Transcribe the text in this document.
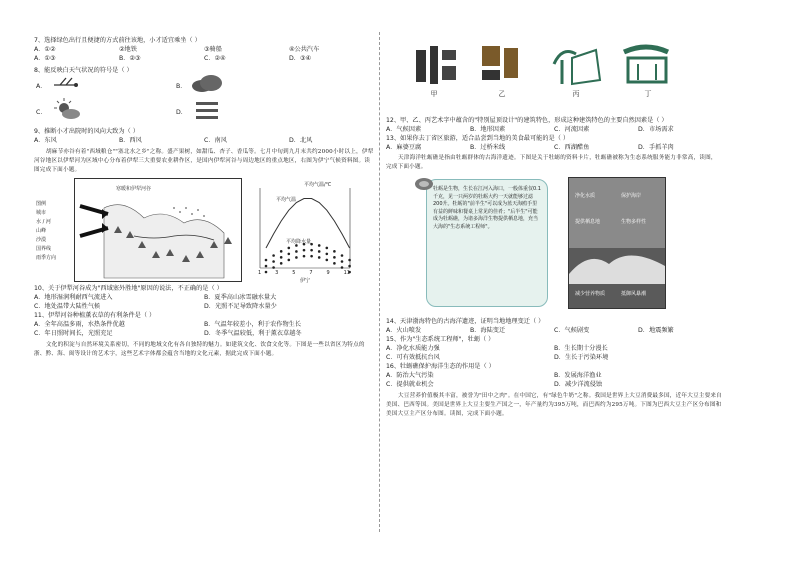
7、选择绿色出行且便捷的方式前往该地，小才适宜乘坐（ ）
A．①②	②地铁	③骑船	④公共汽车
A．①③	B．②③	C．②④	D．③④
8、能反映白天气状况的符号是（ ）
A．	B．
C．	D．
9、推断小才出院时的风向大致为（ ）
A．东风	B．西风	C．南风	D．北风
胡麻节亦谷有着"西域粮仓""塞北水之乡"之称。盛产果树，如甜瓜、杏子、香瓜等。七月中旬到九月末共约2000小时以上，伊犁河谷地区以伊犁河为区域中心分布着伊犁三大重要农业耕作区，是国内伊犁河谷与周边地区的重点地区，右图为伊宁气候资料图。读图完成下面小题。
图例
城市
水 / 河
山峰
沙漠
国界线
雨季方向
寒暖和伊犁河谷
平均气温/℃
平均气温
平均降水量
1	3	5	7	9	11
伊宁
10、关于伊犁河谷成为"西域塞外胜地"原因的说法，不正确的是（ ）
A．地形湿润利耐西气流进入	B．夏季高山冰雪融水量大
C．地处温带大陆性气候	D．光照不足导致降水量少
11、伊犁河谷种植薰衣草的有利条件是（ ）
A．全年高温多雨，水热条件优越	B．气温年较差小，利于农作物生长
C．年日照时间长，光照充足	D．冬季气温较低，利于薰衣草越冬
文化的积淀与自然环境关系密切，不同的地域文化有各自独特的魅力。如建筑文化、饮食文化等。下图是一些以省区为特点的浙、黔、海、闽等设计的艺术字，这些艺术字体都会蕴含当地的文化元素，据此完成下面小题。
甲	乙	丙	丁
12、甲、乙、丙艺术字中蕴含的"特别屋顶设计"的建筑特色，形成这种建筑特色的主要自然因素是（ ）
A．气候因素	B．地形因素	C．河流因素	D．市场需求
13、如果你去丁省区旅游，适合品尝到当地的美食最可能的是（ ）
A．麻婆豆腐	B．过桥米线	C．西湖醋鱼	D．手抓羊肉
天津海洋牡蛎礁是指由牡蛎群体的古海洋遗迹。下图是关于牡蛎的资料卡片，牡蛎礁被称为生态系统服务能力非常高，读图，完成下面小题。
牡蛎是生物，生长在江河入海口，一般体重仅0.1千克，见一只两岁的牡蛎大约一天就能够过滤200升。牡蛎的"前半生"可以成为蓝天海鸥手里有益的鲜味和餐桌上常见的佳肴；"后半生"可能成为牡蛎礁，为诸多海洋生物提供栖息地，充当大海的"生态系统工程师"。
净化水质	保护海岸
提供栖息地	生物多样性
减少营养物质	抵御风暴潮
14、天津渤海特色的古海洋遗迹，证明当地地理变迁（ ）
A．火山喷发	B．海陆变迁	C．气候剧变	D．地震频繁
15、作为"生态系统工程师"，牡蛎（ ）
A．净化水质能力强	B．生长期十分漫长
C．可有效抵抗台风	D．生长于污染环境
16、牡蛎礁保护海洋生态的作用是（ ）
A．防治大气污染	B．发展海洋渔业
C．提供就业机会	D．减少洋流侵蚀
大豆营养价值极其丰富，被誉为"田中之肉"。在中国它，有"绿色牛奶"之称。我国是世界上大豆消费最多国，近年大豆主要来自美国、巴西等国。美国是世界上大豆主要生产国之一，年产量约为395万吨，而巴西约为295万吨。下图为巴西大豆主产区分布图和美国大豆主产区分布图。读图，完成下面小题。
